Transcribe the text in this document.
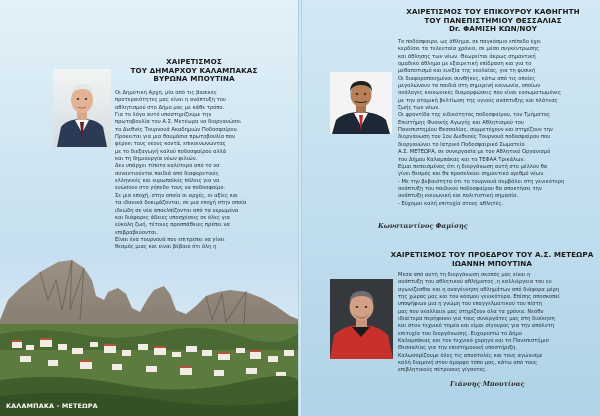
ΧΑΙΡΕΤΙΣΜΟΣ
ΤΟΥ ΔΗΜΑΡΧΟΥ ΚΑΛΑΜΠΑΚΑΣ
ΒΥΡΩΝΑ ΜΠΟΥΤΙΝΑ
Οι Δημοτική Αρχή, μία από τις βασικές
προτεραιότητες μας είναι η ανάπτυξη του
αθλητισμού στο Δήμο μας με κάθε τρόπο.
Για το λόγο αυτό υποστηρίζουμε την
πρωτοβουλία του Α.Σ. Μετέωρα να διοργανώσει
το Διεθνές Τουρνουά Ακαδημιών Ποδοσφαίρου.
Πρόκειται για μια θαυμάσια πρωτοβουλία που
φέρνει τους νέους κοντά, επικοινωνώντας
με το διεξαγωγή καλού ποδοσφαίρου αλλά
και τη δημιουργία νέων φιλιών.
Δεν υπάρχει τίποτα καλύτερο από το να
συναντιούνται παιδιά από διαφορετικές
ελληνικές και ευρωπαϊκές πόλεις για να
ενώσουν στο γήπεδο τους να ποδοσφαίρο.
Σε μια εποχή, στην οποία οι αρχές, οι αξίες και
τα ιδανικά δοκιμάζονται, σε μια εποχή στην οποία
ιδεώδη σε νέα αποελπίζονται από τα νερωμένα
και διάφορες άδειες υποσχέσεις σε όλες για
εύκολη ζωή, τέτοιες προσπάθειες πρέπει να
επιβραβεύονται.
Είναι ένα τουρνουά που επιτρέπει να γίνει
θεσμός μιας και είναι βέβαιο ότι όλη η
ΚΑΛΑΜΠΑΚΑ - ΜΕΤΕΩΡΑ
ΧΑΙΡΕΤΙΣΜΟΣ ΤΟΥ ΕΠΙΚΟΥΡΟΥ ΚΑΘΗΓΗΤΗ
ΤΟΥ ΠΑΝΕΠΙΣΤΗΜΙΟΥ ΘΕΣΣΑΛΙΑΣ
Dr. ΦΑΜΙΣΗ ΚΩΝ/ΝΟΥ
Το ποδόσφαιρο, ως άθλημα, σε παγκόσμιο επίπεδο έχει
κερδίσει τα τελευταία χρόνια, σε μέσο συγκέντρωσης
και άθλησης των νέων. Θεωρείται άκρως σημαντική
ομαδικό άθλημα με εξαιρετική επίδραση και για το
μεθαποτισμό και ευεξία της νεολαίας, για τη φυσική
Οι διαφοροποιημένοι συνθήκες, κάτω από τις οποίες
μεγαλώνουν τα παιδιά στη σημερινή κοινωνία, οποίων
ανάλογες κοινωνικές διαμορφώσεις που είναι ενσωματωμένες
με την ατομική βελτίωση της υγιούς ανάπτυξης και πλάτεσς
ζωής των νέων.
Οι φροντίδα της ειδικότητας ποδοσφαίρου, του Τμήματος
Επιστήμης Φυσικής Αγωγής και Αθλητισμού του
Πανεπιστημίου Θεσσαλίας, συμμετέχουν και στηρίζουν την
διοργάνωση του 1ου Διεθνούς Τουρνουά ποδοσφαίρου που
διοργανώνει το Ιατρικό Ποδοσφαιρικό Σωματείο
Α.Σ. ΜΕΤΕΩΡΑ, σε συνεργασία με τον Αθλητικό Οργανισμό
του Δήμου Καλαμπάκας και το ΤΕΦΑΑ Τρικάλων.
Είμαι πεπεισμένος ότι η διοργάνωση αυτή στο μέλλον θα
γίνει θεσμός και θα προσελκύει σημαντικό αριθμό νέων.
- Με την βεβαιότητα ότι το τουρνουά συμβάλει στη γενικότερη
ανάπτυξη του παιδικού ποδοσφαίρου θα αποκτήσει την
ανάπτυξη κοινωνική και πολιτιστική σημασία.
- Εύχομαι καλή επιτυχία στους αθλητές.
Κωνσταντίνος Φαμίσης
ΧΑΙΡΕΤΙΣΜΟΣ ΤΟΥ ΠΡΟΕΔΡΟΥ ΤΟΥ Α.Σ. ΜΕΤΕΩΡΑ
ΙΩΑΝΝΗ ΜΠΟΥΤΙΝΑ
Μέσα από αυτή τη διοργάνωση σκοπός μας είναι η
ανάπτυξη του αθλητικού αθλήματος ,η καλλιέργεια του ευ
αγωνίζεσθαι και η αναγέννηση αθλημάτων από διάφορα μέρη
της χώρας μας και του κόσμου γενικότερα. Επίσης αποσκοπεί
υποψήφιων μια η γνώμη του επαγγελματικού του πίστη
μας που νεαλλαιοι μας στηρίζουν όλα τα χρόνια. Νεόθυ
ιδιαίτερα περήφανοι για τους συνεργάτες μας στη διοίκηση
και στον τεχνικό τομέα και είμαι σίγουρος για την απόλυτη
επιτυχία του διοργάνωσης. Ευχαριστώ το Δήμο
Καλαμπάκας και τον τεχνικό χορηγό και το Πανεπιστήμιο
Θεσσαλίας για την επιστημονική υποστήριξη.
Καλωσορίζουμε όλες τις αποστολές και τους αγώνισμε
καλή διαμονή στον όμορφο τόπο μας, κάτω από τους
επιβλητικούς πέτρινους γίγαντες.
Γιάννης Μπουτίνας
